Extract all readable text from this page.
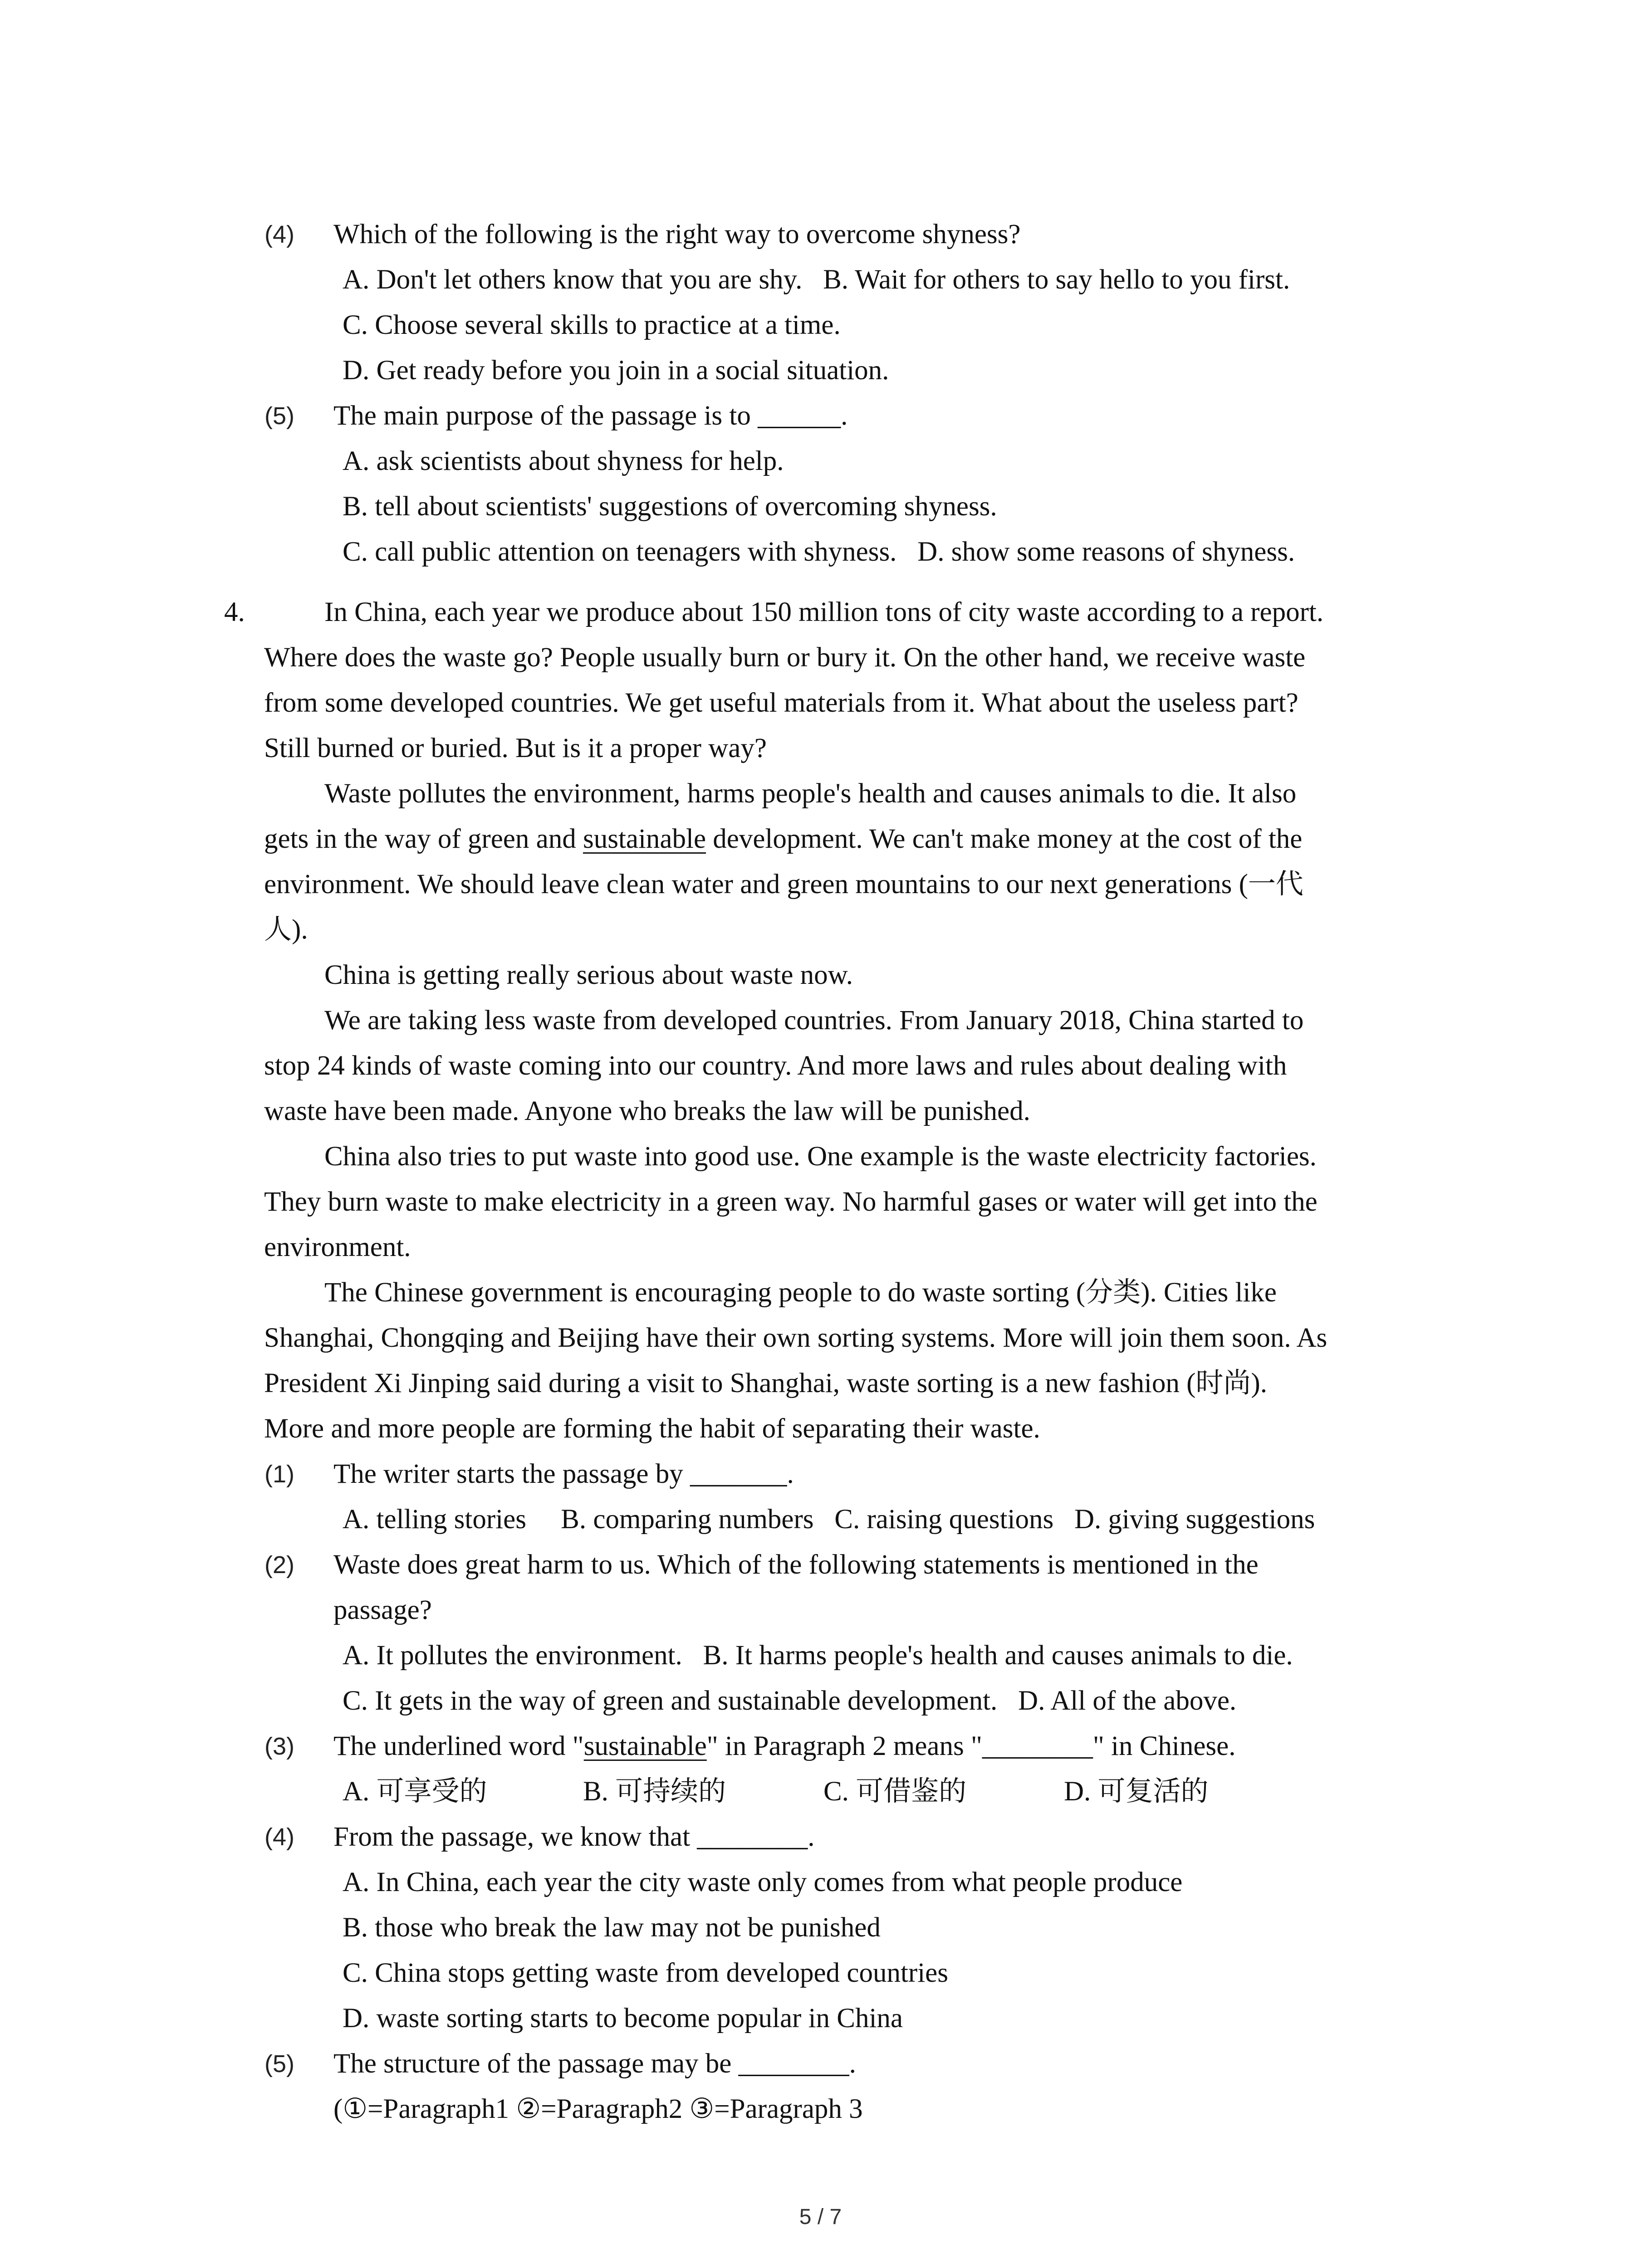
(4) Which of the following is the right way to overcome shyness?
A. Don't let others know that you are shy.   B. Wait for others to say hello to you first.
C. Choose several skills to practice at a time.
D. Get ready before you join in a social situation.
(5) The main purpose of the passage is to ______.
A. ask scientists about shyness for help.
B. tell about scientists' suggestions of overcoming shyness.
C. call public attention on teenagers with shyness.   D. show some reasons of shyness.
4.	In China, each year we produce about 150 million tons of city waste according to a report.
Where does the waste go? People usually burn or bury it. On the other hand, we receive waste
from some developed countries. We get useful materials from it. What about the useless part?
Still burned or buried. But is it a proper way?
Waste pollutes the environment, harms people's health and causes animals to die. It also
gets in the way of green and sustainable development. We can't make money at the cost of the
environment. We should leave clean water and green mountains to our next generations (一代
人).
China is getting really serious about waste now.
We are taking less waste from developed countries. From January 2018, China started to
stop 24 kinds of waste coming into our country. And more laws and rules about dealing with
waste have been made. Anyone who breaks the law will be punished.
China also tries to put waste into good use. One example is the waste electricity factories.
They burn waste to make electricity in a green way. No harmful gases or water will get into the
environment.
The Chinese government is encouraging people to do waste sorting (分类). Cities like
Shanghai, Chongqing and Beijing have their own sorting systems. More will join them soon. As
President Xi Jinping said during a visit to Shanghai, waste sorting is a new fashion (时尚).
More and more people are forming the habit of separating their waste.
(1) The writer starts the passage by _______.
A. telling stories     B. comparing numbers   C. raising questions   D. giving suggestions
(2) Waste does great harm to us. Which of the following statements is mentioned in the
passage?
A. It pollutes the environment.   B. It harms people's health and causes animals to die.
C. It gets in the way of green and sustainable development.   D. All of the above.
(3) The underlined word "sustainable" in Paragraph 2 means "________" in Chinese.
A. 可享受的	B. 可持续的	C. 可借鉴的	D. 可复活的
(4) From the passage, we know that ________.
A. In China, each year the city waste only comes from what people produce
B. those who break the law may not be punished
C. China stops getting waste from developed countries
D. waste sorting starts to become popular in China
(5) The structure of the passage may be ________.
(①=Paragraph1 ②=Paragraph2 ③=Paragraph 3
5 / 7
